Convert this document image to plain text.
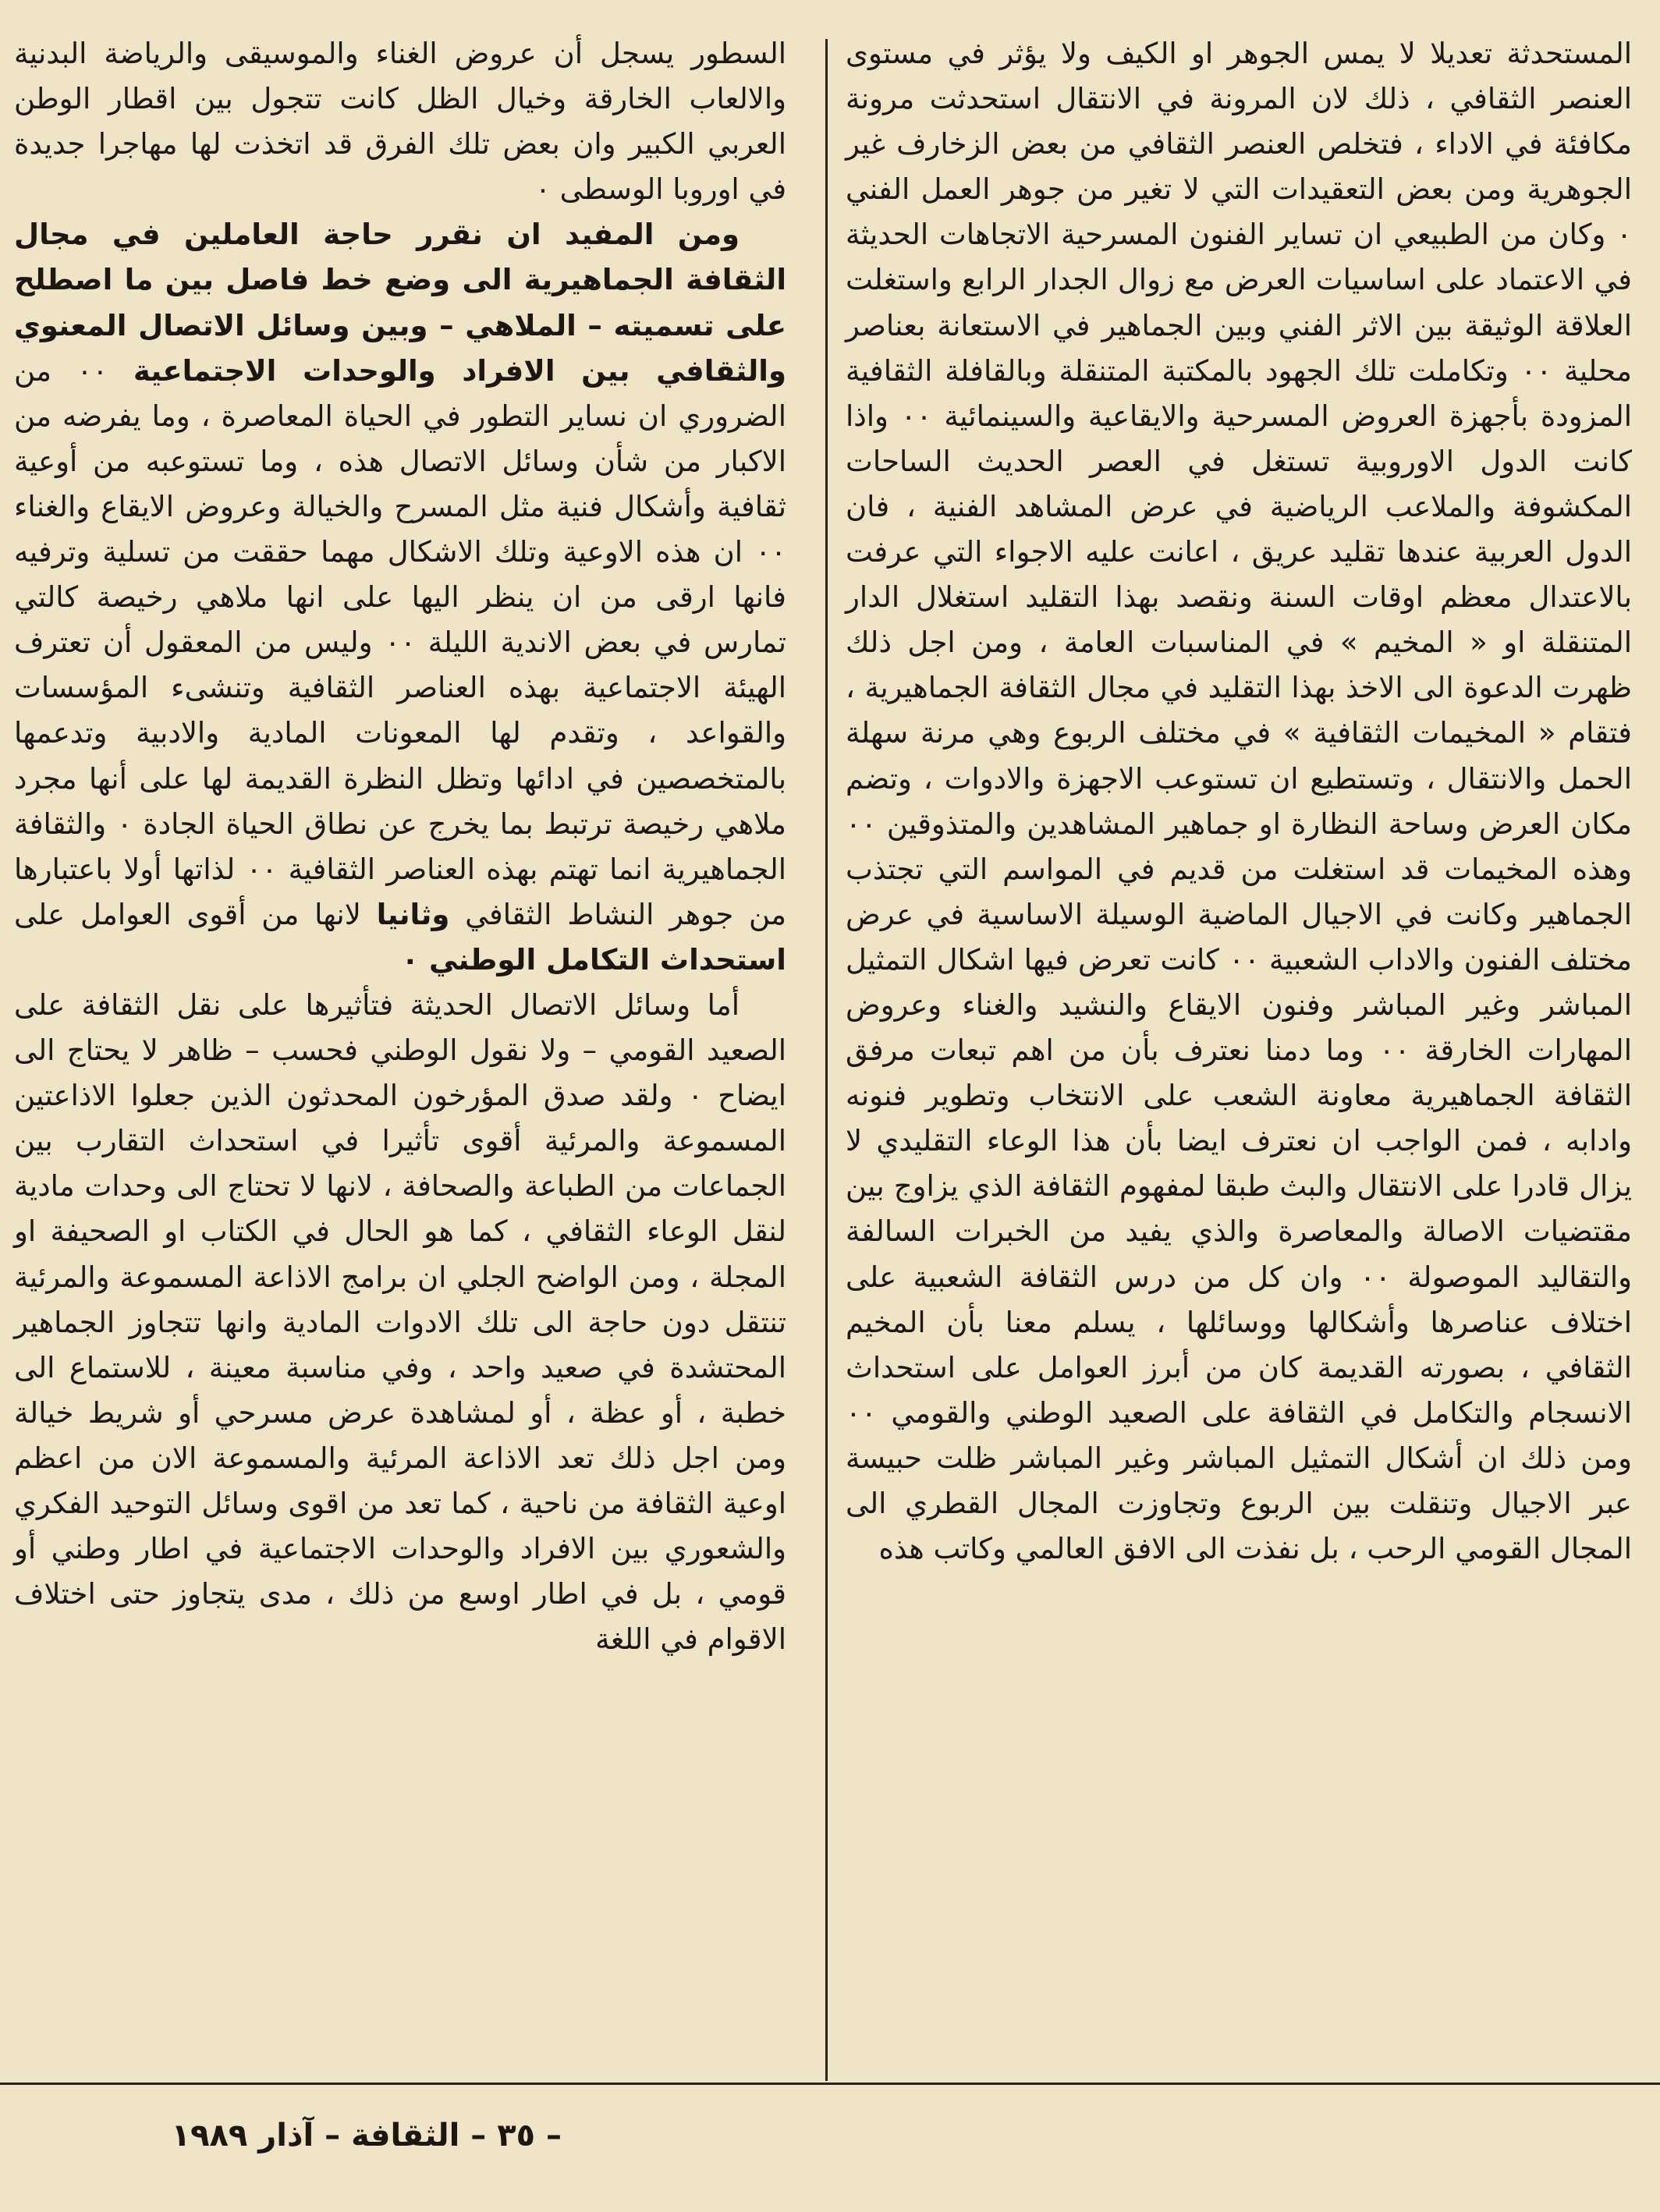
المستحدثة تعديلا لا يمس الجوهر او الكيف ولا يؤثر في مستوى العنصر الثقافي ، ذلك لان المرونة في الانتقال استحدثت مرونة مكافئة في الاداء ، فتخلص العنصر الثقافي من بعض الزخارف غير الجوهرية ومن بعض التعقيدات التي لا تغير من جوهر العمل الفني ٠ وكان من الطبيعي ان تساير الفنون المسرحية الاتجاهات الحديثة في الاعتماد على اساسيات العرض مع زوال الجدار الرابع واستغلت العلاقة الوثيقة بين الاثر الفني وبين الجماهير في الاستعانة بعناصر محلية ٠٠ وتكاملت تلك الجهود بالمكتبة المتنقلة وبالقافلة الثقافية المزودة بأجهزة العروض المسرحية والايقاعية والسينمائية ٠٠ واذا كانت الدول الاوروبية تستغل في العصر الحديث الساحات المكشوفة والملاعب الرياضية في عرض المشاهد الفنية ، فان الدول العربية عندها تقليد عريق ، اعانت عليه الاجواء التي عرفت بالاعتدال معظم اوقات السنة ونقصد بهذا التقليد استغلال الدار المتنقلة او « المخيم » في المناسبات العامة ، ومن اجل ذلك ظهرت الدعوة الى الاخذ بهذا التقليد في مجال الثقافة الجماهيرية ، فتقام « المخيمات الثقافية » في مختلف الربوع وهي مرنة سهلة الحمل والانتقال ، وتستطيع ان تستوعب الاجهزة والادوات ، وتضم مكان العرض وساحة النظارة او جماهير المشاهدين والمتذوقين ٠٠ وهذه المخيمات قد استغلت من قديم في المواسم التي تجتذب الجماهير وكانت في الاجيال الماضية الوسيلة الاساسية في عرض مختلف الفنون والاداب الشعبية ٠٠ كانت تعرض فيها اشكال التمثيل المباشر وغير المباشر وفنون الايقاع والنشيد والغناء وعروض المهارات الخارقة ٠٠ وما دمنا نعترف بأن من اهم تبعات مرفق الثقافة الجماهيرية معاونة الشعب على الانتخاب وتطوير فنونه وادابه ، فمن الواجب ان نعترف ايضا بأن هذا الوعاء التقليدي لا يزال قادرا على الانتقال والبث طبقا لمفهوم الثقافة الذي يزاوج بين مقتضيات الاصالة والمعاصرة والذي يفيد من الخبرات السالفة والتقاليد الموصولة ٠٠ وان كل من درس الثقافة الشعبية على اختلاف عناصرها وأشكالها ووسائلها ، يسلم معنا بأن المخيم الثقافي ، بصورته القديمة كان من أبرز العوامل على استحداث الانسجام والتكامل في الثقافة على الصعيد الوطني والقومي ٠٠ ومن ذلك ان أشكال التمثيل المباشر وغير المباشر ظلت حبيسة عبر الاجيال وتنقلت بين الربوع وتجاوزت المجال القطري الى المجال القومي الرحب ، بل نفذت الى الافق العالمي وكاتب هذه

السطور يسجل أن عروض الغناء والموسيقى والرياضة البدنية والالعاب الخارقة وخيال الظل كانت تتجول بين اقطار الوطن العربي الكبير وان بعض تلك الفرق قد اتخذت لها مهاجرا جديدة في اوروبا الوسطى ٠

ومن المفيد ان نقرر حاجة العاملين في مجال الثقافة الجماهيرية الى وضع خط فاصل بين ما اصطلح على تسميته – الملاهي – وبين وسائل الاتصال المعنوي والثقافي بين الافراد والوحدات الاجتماعية ٠٠ من الضروري ان نساير التطور في الحياة المعاصرة ، وما يفرضه من الاكبار من شأن وسائل الاتصال هذه ، وما تستوعبه من أوعية ثقافية وأشكال فنية مثل المسرح والخيالة وعروض الايقاع والغناء ٠٠ ان هذه الاوعية وتلك الاشكال مهما حققت من تسلية وترفيه فانها ارقى من ان ينظر اليها على انها ملاهي رخيصة كالتي تمارس في بعض الاندية الليلة ٠٠ وليس من المعقول أن تعترف الهيئة الاجتماعية بهذه العناصر الثقافية وتنشىء المؤسسات والقواعد ، وتقدم لها المعونات المادية والادبية وتدعمها بالمتخصصين في ادائها وتظل النظرة القديمة لها على أنها مجرد ملاهي رخيصة ترتبط بما يخرج عن نطاق الحياة الجادة ٠ والثقافة الجماهيرية انما تهتم بهذه العناصر الثقافية ٠٠ لذاتها أولا باعتبارها من جوهر النشاط الثقافي وثانيا لانها من أقوى العوامل على استحداث التكامل الوطني ٠

أما وسائل الاتصال الحديثة فتأثيرها على نقل الثقافة على الصعيد القومي – ولا نقول الوطني فحسب – ظاهر لا يحتاج الى ايضاح ٠ ولقد صدق المؤرخون المحدثون الذين جعلوا الاذاعتين المسموعة والمرئية أقوى تأثيرا في استحداث التقارب بين الجماعات من الطباعة والصحافة ، لانها لا تحتاج الى وحدات مادية لنقل الوعاء الثقافي ، كما هو الحال في الكتاب او الصحيفة او المجلة ، ومن الواضح الجلي ان برامج الاذاعة المسموعة والمرئية تنتقل دون حاجة الى تلك الادوات المادية وانها تتجاوز الجماهير المحتشدة في صعيد واحد ، وفي مناسبة معينة ، للاستماع الى خطبة ، أو عظة ، أو لمشاهدة عرض مسرحي أو شريط خيالة ومن اجل ذلك تعد الاذاعة المرئية والمسموعة الان من اعظم اوعية الثقافة من ناحية ، كما تعد من اقوى وسائل التوحيد الفكري والشعوري بين الافراد والوحدات الاجتماعية في اطار وطني أو قومي ، بل في اطار اوسع من ذلك ، مدى يتجاوز حتى اختلاف الاقوام في اللغة

– ٣٥ – الثقافة – آذار ١٩٨٩
